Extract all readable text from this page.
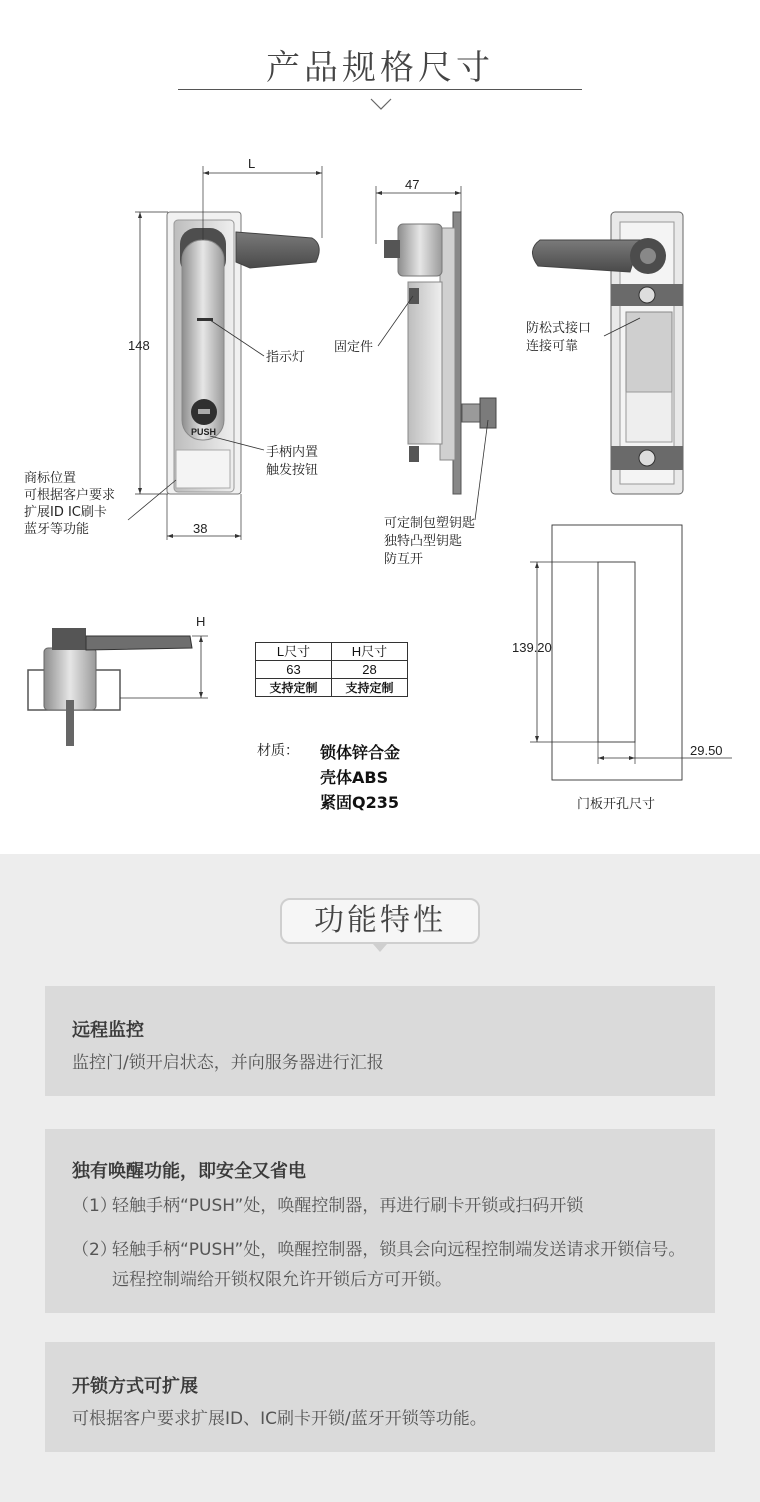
产品规格尺寸
L
148
38
47
H
139.20
29.50
PUSH
指示灯
固定件
防松式接口
连接可靠
手柄内置
触发按钮
商标位置
可根据客户要求
扩展ID IC刷卡
蓝牙等功能	可定制包塑钥匙
独特凸型钥匙
防互开
门板开孔尺寸
L尺寸	H尺寸
63	28
支持定制	支持定制
材质： 锁体锌合金
壳体ABS
紧固Q235
功能特性
远程监控
监控门/锁开启状态，并向服务器进行汇报
独有唤醒功能，即安全又省电
（1）
轻触手柄“PUSH”处，唤醒控制器，再进行刷卡开锁或扫码开锁
（2）
轻触手柄“PUSH”处，唤醒控制器，锁具会向远程控制端发送请求开锁信号。远程控制端给开锁权限允许开锁后方可开锁。
开锁方式可扩展
可根据客户要求扩展ID、IC刷卡开锁/蓝牙开锁等功能。
